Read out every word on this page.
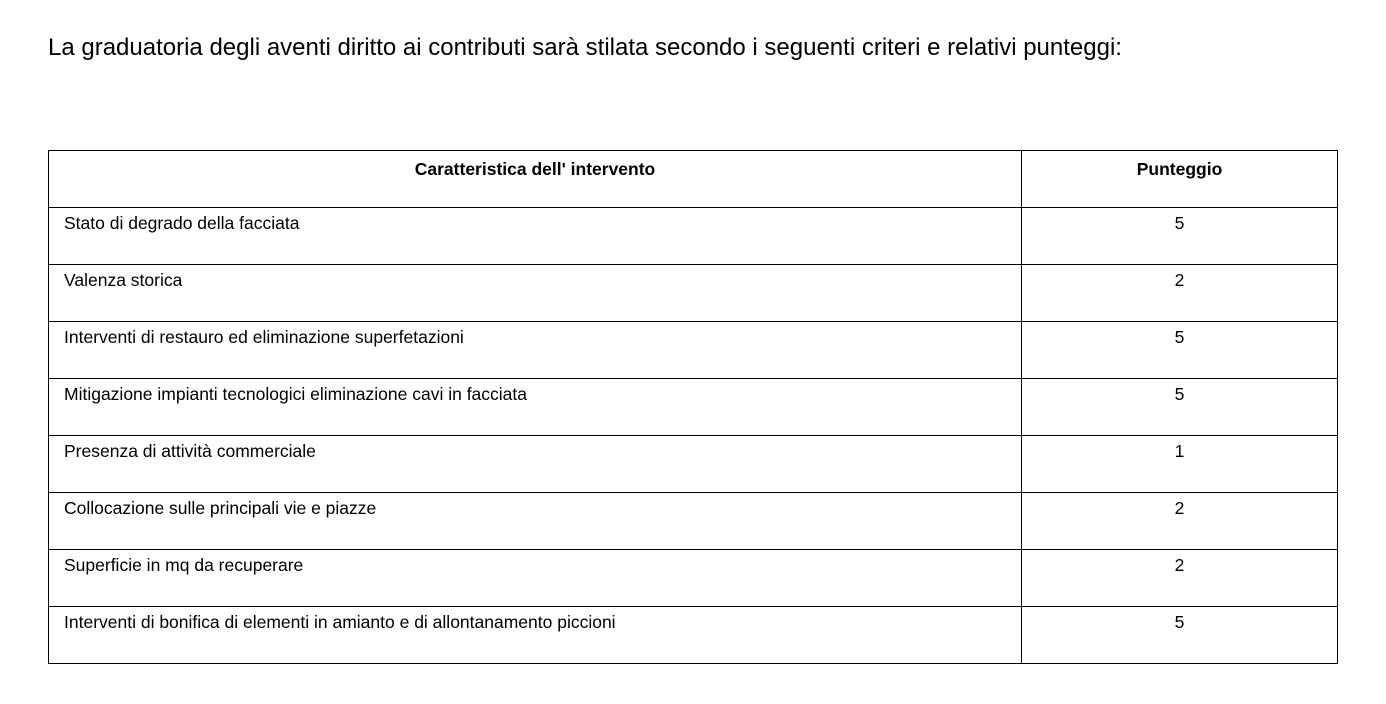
La graduatoria degli aventi diritto ai contributi sarà stilata secondo i seguenti criteri e relativi punteggi:

Caratteristica dell' intervento	Punteggio
Stato di degrado della facciata	5
Valenza storica	2
Interventi di restauro ed eliminazione superfetazioni	5
Mitigazione impianti tecnologici eliminazione cavi in facciata	5
Presenza di attività commerciale	1
Collocazione sulle principali vie e piazze	2
Superficie in mq da recuperare	2
Interventi di bonifica di elementi in amianto e di allontanamento piccioni	5
